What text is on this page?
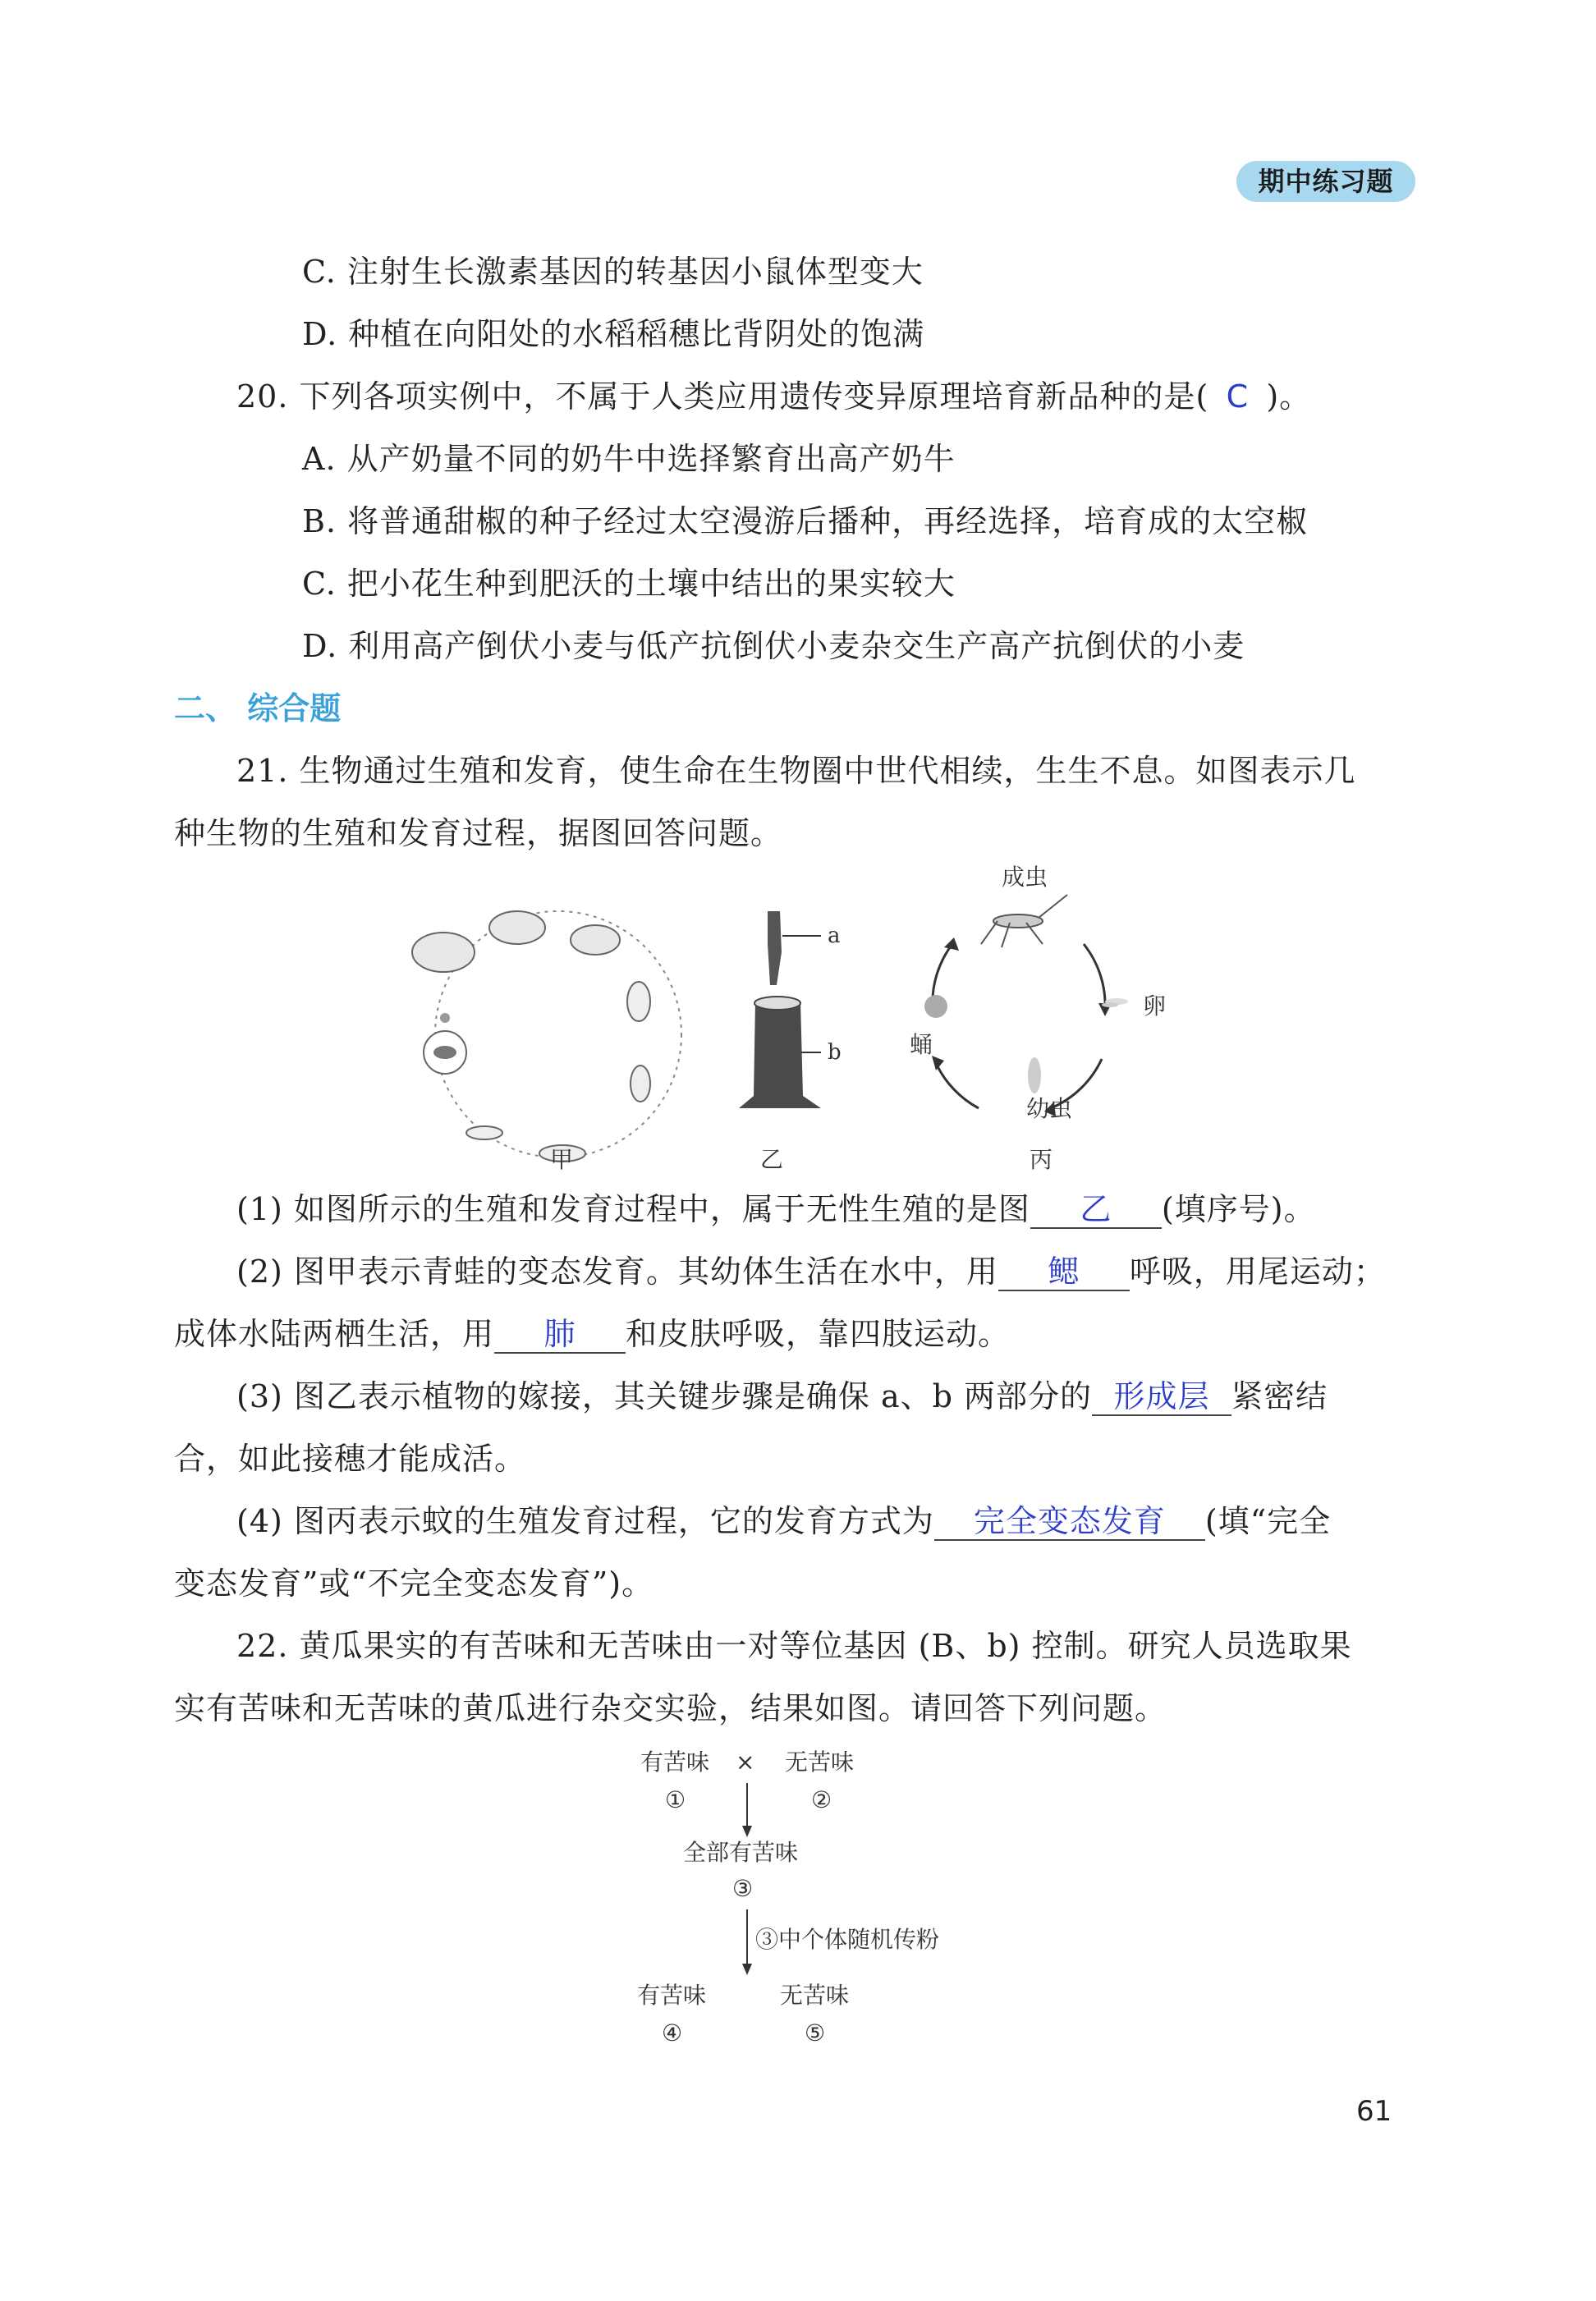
期中练习题
C. 注射生长激素基因的转基因小鼠体型变大
D. 种植在向阳处的水稻稻穗比背阴处的饱满
20. 下列各项实例中，不属于人类应用遗传变异原理培育新品种的是( C )。
A. 从产奶量不同的奶牛中选择繁育出高产奶牛
B. 将普通甜椒的种子经过太空漫游后播种，再经选择，培育成的太空椒
C. 把小花生种到肥沃的土壤中结出的果实较大
D. 利用高产倒伏小麦与低产抗倒伏小麦杂交生产高产抗倒伏的小麦
二、 综合题
21. 生物通过生殖和发育，使生命在生物圈中世代相续，生生不息。如图表示几
种生物的生殖和发育过程，据图回答问题。
甲
a
b
乙
成虫
卵
幼虫
蛹
丙
(1) 如图所示的生殖和发育过程中，属于无性生殖的是图 乙 (填序号)。
(2) 图甲表示青蛙的变态发育。其幼体生活在水中，用 鳃 呼吸，用尾运动；
成体水陆两栖生活，用 肺 和皮肤呼吸，靠四肢运动。
(3) 图乙表示植物的嫁接，其关键步骤是确保 a、b 两部分的 形成层 紧密结
合，如此接穗才能成活。
(4) 图丙表示蚊的生殖发育过程，它的发育方式为 完全变态发育 (填“完全
变态发育”或“不完全变态发育”)。
22. 黄瓜果实的有苦味和无苦味由一对等位基因 (B、b) 控制。研究人员选取果
实有苦味和无苦味的黄瓜进行杂交实验，结果如图。请回答下列问题。
有苦味 × 无苦味
①	②
全部有苦味
③
③中个体随机传粉
有苦味	无苦味
④	⑤
61
